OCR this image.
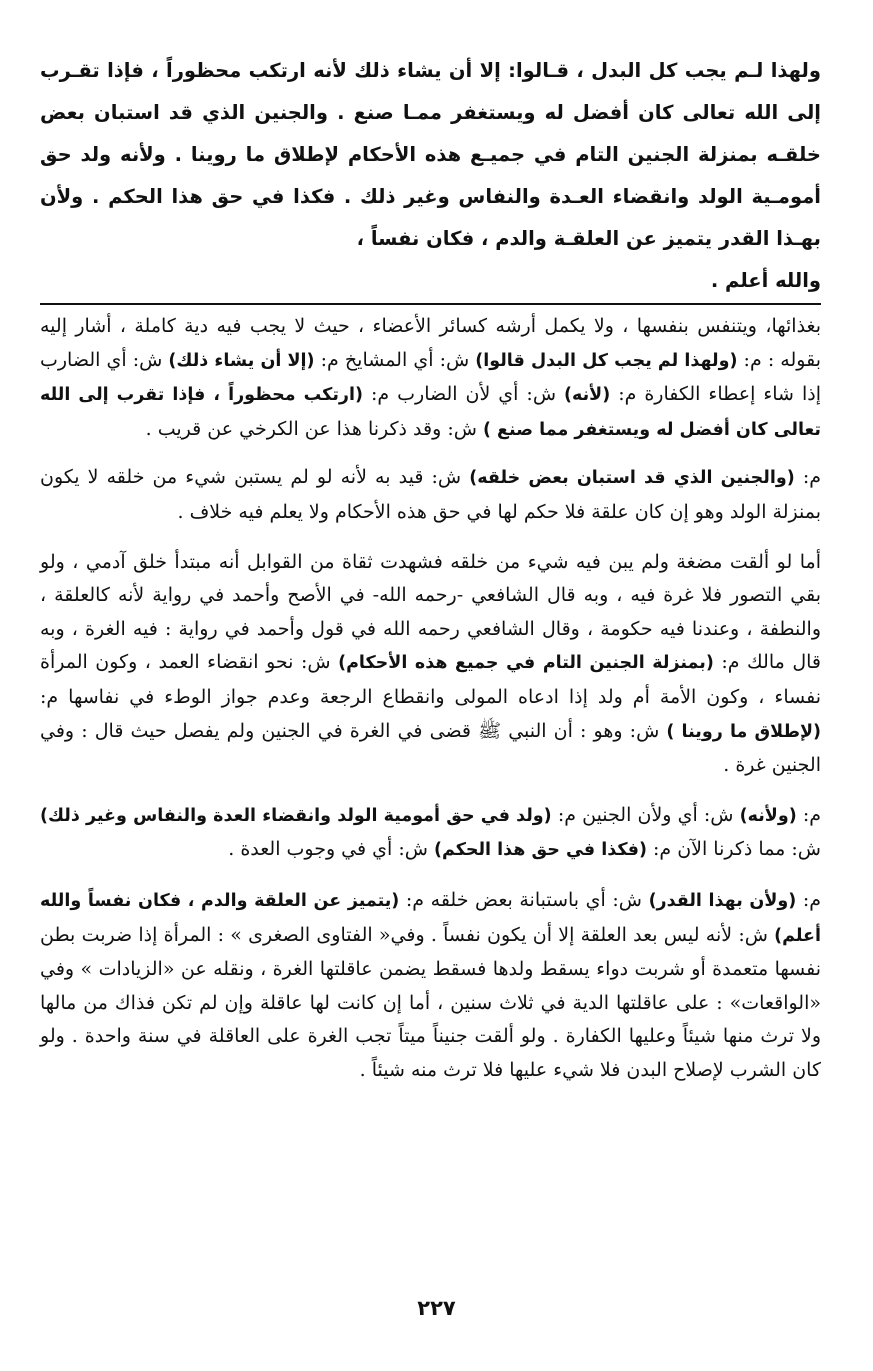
ولهذا لـم يجب كل البدل ، قـالوا: إلا أن يشاء ذلك لأنه ارتكب محظوراً ، فإذا تقـرب إلى الله تعالى كان أفضل له ويستغفر ممـا صنع . والجنين الذي قد استبان بعض خلقـه بمنزلة الجنين التام في جميـع هذه الأحكام لإطلاق ما روينا . ولأنه ولد حق أمومـية الولد وانقضاء العـدة والنفاس وغير ذلك . فكذا في حق هذا الحكم . ولأن بهـذا القدر يتميز عن العلقـة والدم ، فكان نفساً ،
والله أعلم .

بغذائها، ويتنفس بنفسها ، ولا يكمل أرشه كسائر الأعضاء ، حيث لا يجب فيه دية كاملة ، أشار إليه بقوله : م: (ولهذا لم يجب كل البدل قالوا) ش: أي المشايخ م: (إلا أن يشاء ذلك) ش: أي الضارب إذا شاء إعطاء الكفارة م: (لأنه) ش: أي لأن الضارب م: (ارتكب محظوراً ، فإذا تقرب إلى الله تعالى كان أفضل له ويستغفر مما صنع ) ش: وقد ذكرنا هذا عن الكرخي عن قريب .

م: (والجنين الذي قد استبان بعض خلقه) ش: قيد به لأنه لو لم يستبن شيء من خلقه لا يكون بمنزلة الولد وهو إن كان علقة فلا حكم لها في حق هذه الأحكام ولا يعلم فيه خلاف .

أما لو ألقت مضغة ولم يبن فيه شيء من خلقه فشهدت ثقاة من القوابل أنه مبتدأ خلق آدمي ، ولو بقي التصور فلا غرة فيه ، وبه قال الشافعي -رحمه الله- في الأصح وأحمد في رواية لأنه كالعلقة ، والنطفة ، وعندنا فيه حكومة ، وقال الشافعي رحمه الله في قول وأحمد في رواية : فيه الغرة ، وبه قال مالك م: (بمنزلة الجنين التام في جميع هذه الأحكام) ش: نحو انقضاء العمد ، وكون المرأة نفساء ، وكون الأمة أم ولد إذا ادعاه المولى وانقطاع الرجعة وعدم جواز الوطء في نفاسها م: (لإطلاق ما روينا ) ش: وهو : أن النبي ﷺ قضى في الغرة في الجنين ولم يفصل حيث قال : وفي الجنين غرة .

م: (ولأنه) ش: أي ولأن الجنين م: (ولد في حق أمومية الولد وانقضاء العدة والنفاس وغير ذلك) ش: مما ذكرنا الآن م: (فكذا في حق هذا الحكم) ش: أي في وجوب العدة .

م: (ولأن بهذا القدر) ش: أي باستبانة بعض خلقه م: (يتميز عن العلقة والدم ، فكان نفساً والله أعلم) ش: لأنه ليس بعد العلقة إلا أن يكون نفساً . وفي« الفتاوى الصغرى » : المرأة إذا ضربت بطن نفسها متعمدة أو شربت دواء يسقط ولدها فسقط يضمن عاقلتها الغرة ، ونقله عن «الزيادات » وفي «الواقعات» : على عاقلتها الدية في ثلاث سنين ، أما إن كانت لها عاقلة وإن لم تكن فذاك من مالها ولا ترث منها شيئاً وعليها الكفارة . ولو ألقت جنيناً ميتاً تجب الغرة على العاقلة في سنة واحدة . ولو كان الشرب لإصلاح البدن فلا شيء عليها فلا ترث منه شيئاً .

٢٢٧
